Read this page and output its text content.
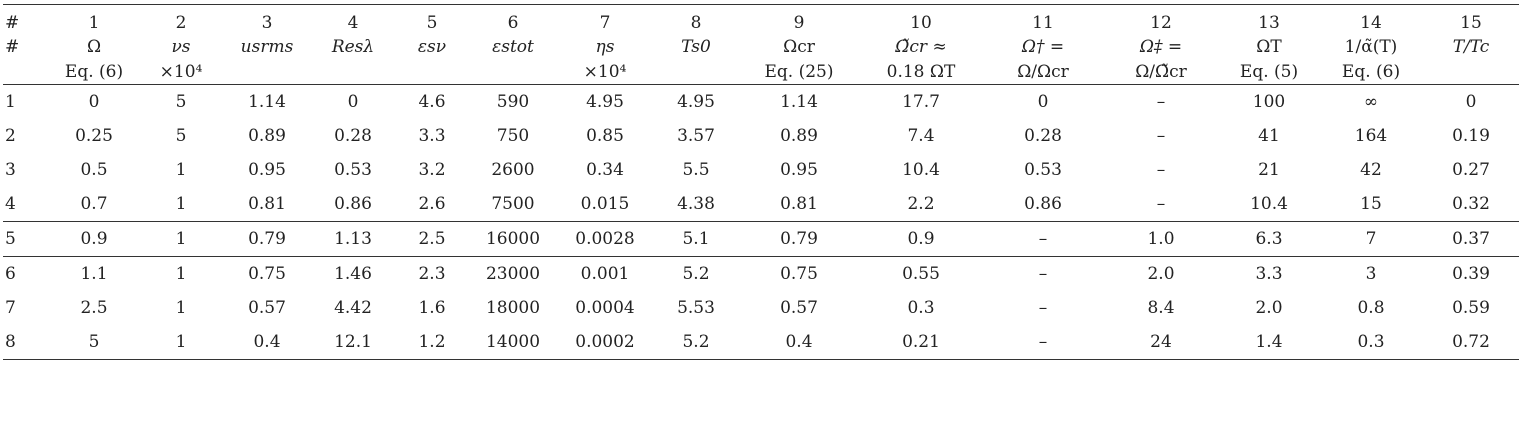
#	1	2	3	4	5	6	7	8	9	10	11	12	13	14	15
#	Ω	νs	usrms	Resλ	εsν	εstot	ηs	Ts0	Ωcr	Ω̃cr ≈	Ω† =	Ω‡ =	ΩT	1/α̃(T)	T/Tc
	Eq. (6)	×10⁴					×10⁴		Eq. (25)	0.18 ΩT	Ω/Ωcr	Ω/Ω̃cr	Eq. (5)	Eq. (6)	
1	0	5	1.14	0	4.6	590	4.95	4.95	1.14	17.7	0	–	100	∞	0
2	0.25	5	0.89	0.28	3.3	750	0.85	3.57	0.89	7.4	0.28	–	41	164	0.19
3	0.5	1	0.95	0.53	3.2	2600	0.34	5.5	0.95	10.4	0.53	–	21	42	0.27
4	0.7	1	0.81	0.86	2.6	7500	0.015	4.38	0.81	2.2	0.86	–	10.4	15	0.32
5	0.9	1	0.79	1.13	2.5	16000	0.0028	5.1	0.79	0.9	–	1.0	6.3	7	0.37
6	1.1	1	0.75	1.46	2.3	23000	0.001	5.2	0.75	0.55	–	2.0	3.3	3	0.39
7	2.5	1	0.57	4.42	1.6	18000	0.0004	5.53	0.57	0.3	–	8.4	2.0	0.8	0.59
8	5	1	0.4	12.1	1.2	14000	0.0002	5.2	0.4	0.21	–	24	1.4	0.3	0.72
